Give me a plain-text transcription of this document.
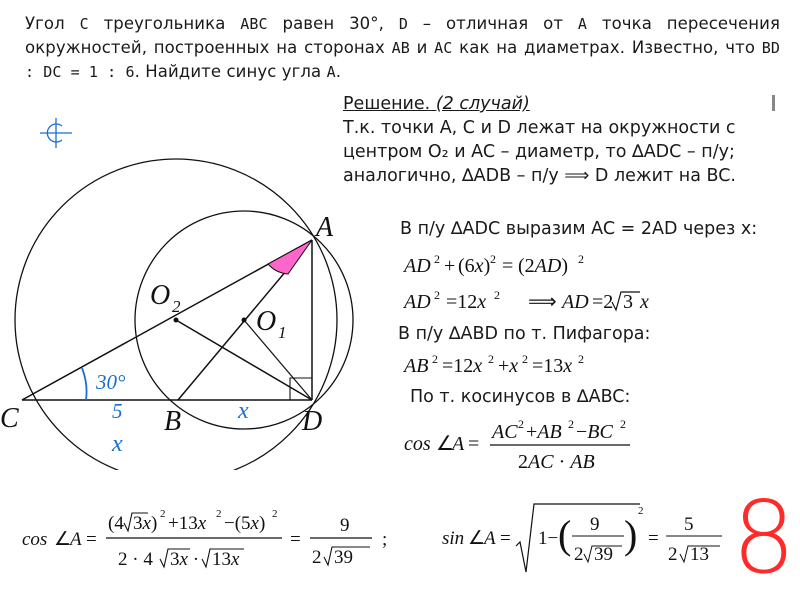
Угол C треугольника ABC равен 30°, D – отличная от A точка пересечения окружностей, построенных на сторонах AB и AC как на диаметрах. Известно, что BD : DC = 1 : 6. Найдите синус угла A.
Решение. (2 случай)
Т.к. точки A, C и D лежат на окружности с
центром O₂ и AC – диаметр, то ∆ADC – п/у;
аналогично, ∆ADB – п/у ⟹ D лежит на BC.
В п/у ∆ADC выразим AC = 2AD через x:
В п/у ∆ABD по т. Пифагора:
По т. косинусов в ∆ABC:
AD 2 + (6x) 2 = (2AD) 2
AD 2 =12x 2 ⟹ AD =2 3 x
AB 2 =12x 2 +x 2 =13x 2
cos ∠
A =
AC 2 +AB 2 −BC 2
2AC · AB
cos ∠
A =
(4 3x) 2 +13x 2 −(5x) 2
2 · 4 3x · 13x
=
9
2 39
;	sin ∠
A = 1− ( 9
2 39 )
2
=
5
2 13 8
A
C	B	D
O 2	O 1
30°
5
x
x
